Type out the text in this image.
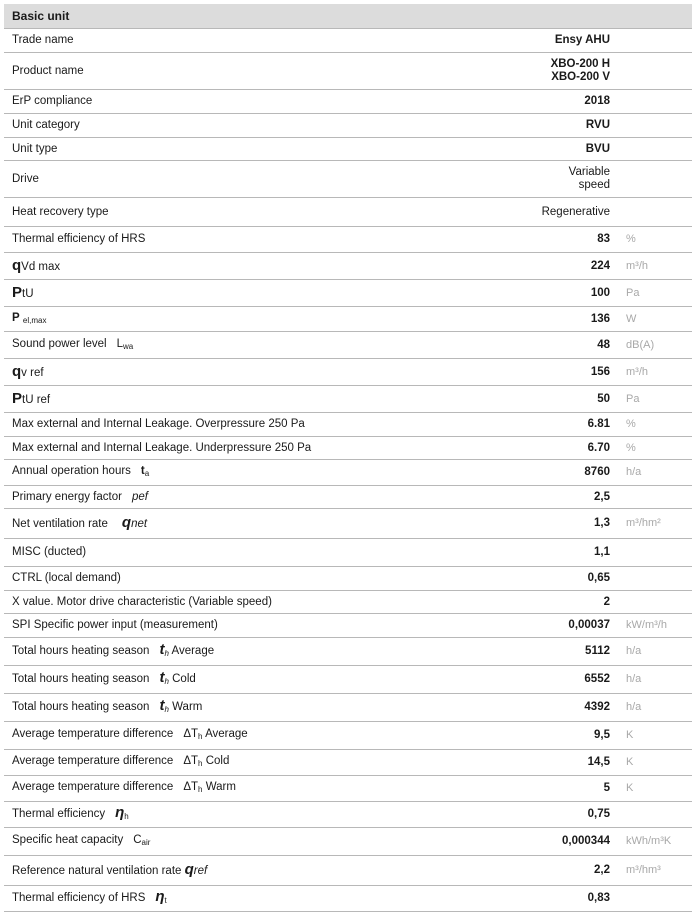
Basic unit		
Trade name	Ensy AHU	
Product name	XBO-200 H
XBO-200 V	

ErP compliance	2018	
Unit category	RVU	
Unit type	BVU	
Drive	Variable
speed	

Heat recovery type	Regenerative	
Thermal efficiency of HRS	83	%
qVd max	224	m³/h
PtU	100	Pa
P el,max	136	W
Sound power level $L_{wa}$	48	dB(A)
qv ref	156	m³/h
PtU ref	50	Pa
Max external and Internal Leakage. Overpressure 250 Pa	6.81	%
Max external and Internal Leakage. Underpressure 250 Pa	6.70	%
Annual operation hours $t_a$	8760	h/a
Primary energy factor pef	2,5	
Net ventilation rate qnet	1,3	m³/hm²
MISC (ducted)	1,1	
CTRL (local demand)	0,65	
X value. Motor drive characteristic (Variable speed)	2	
SPI Specific power input (measurement)	0,00037	kW/m³/h
Total hours heating season $t_h$ Average	5112	h/a
Total hours heating season $t_h$ Cold	6552	h/a
Total hours heating season $t_h$ Warm	4392	h/a
Average temperature difference $\Delta T_h$ Average	9,5	K
Average temperature difference $\Delta T_h$ Cold	14,5	K
Average temperature difference $\Delta T_h$ Warm	5	K
Thermal efficiency $\eta_h$	0,75	
Specific heat capacity $C_{air}$	0,000344	kWh/m³K
Reference natural ventilation rate qref	2,2	m³/hm³
Thermal efficiency of HRS $\eta_t$	0,83	
